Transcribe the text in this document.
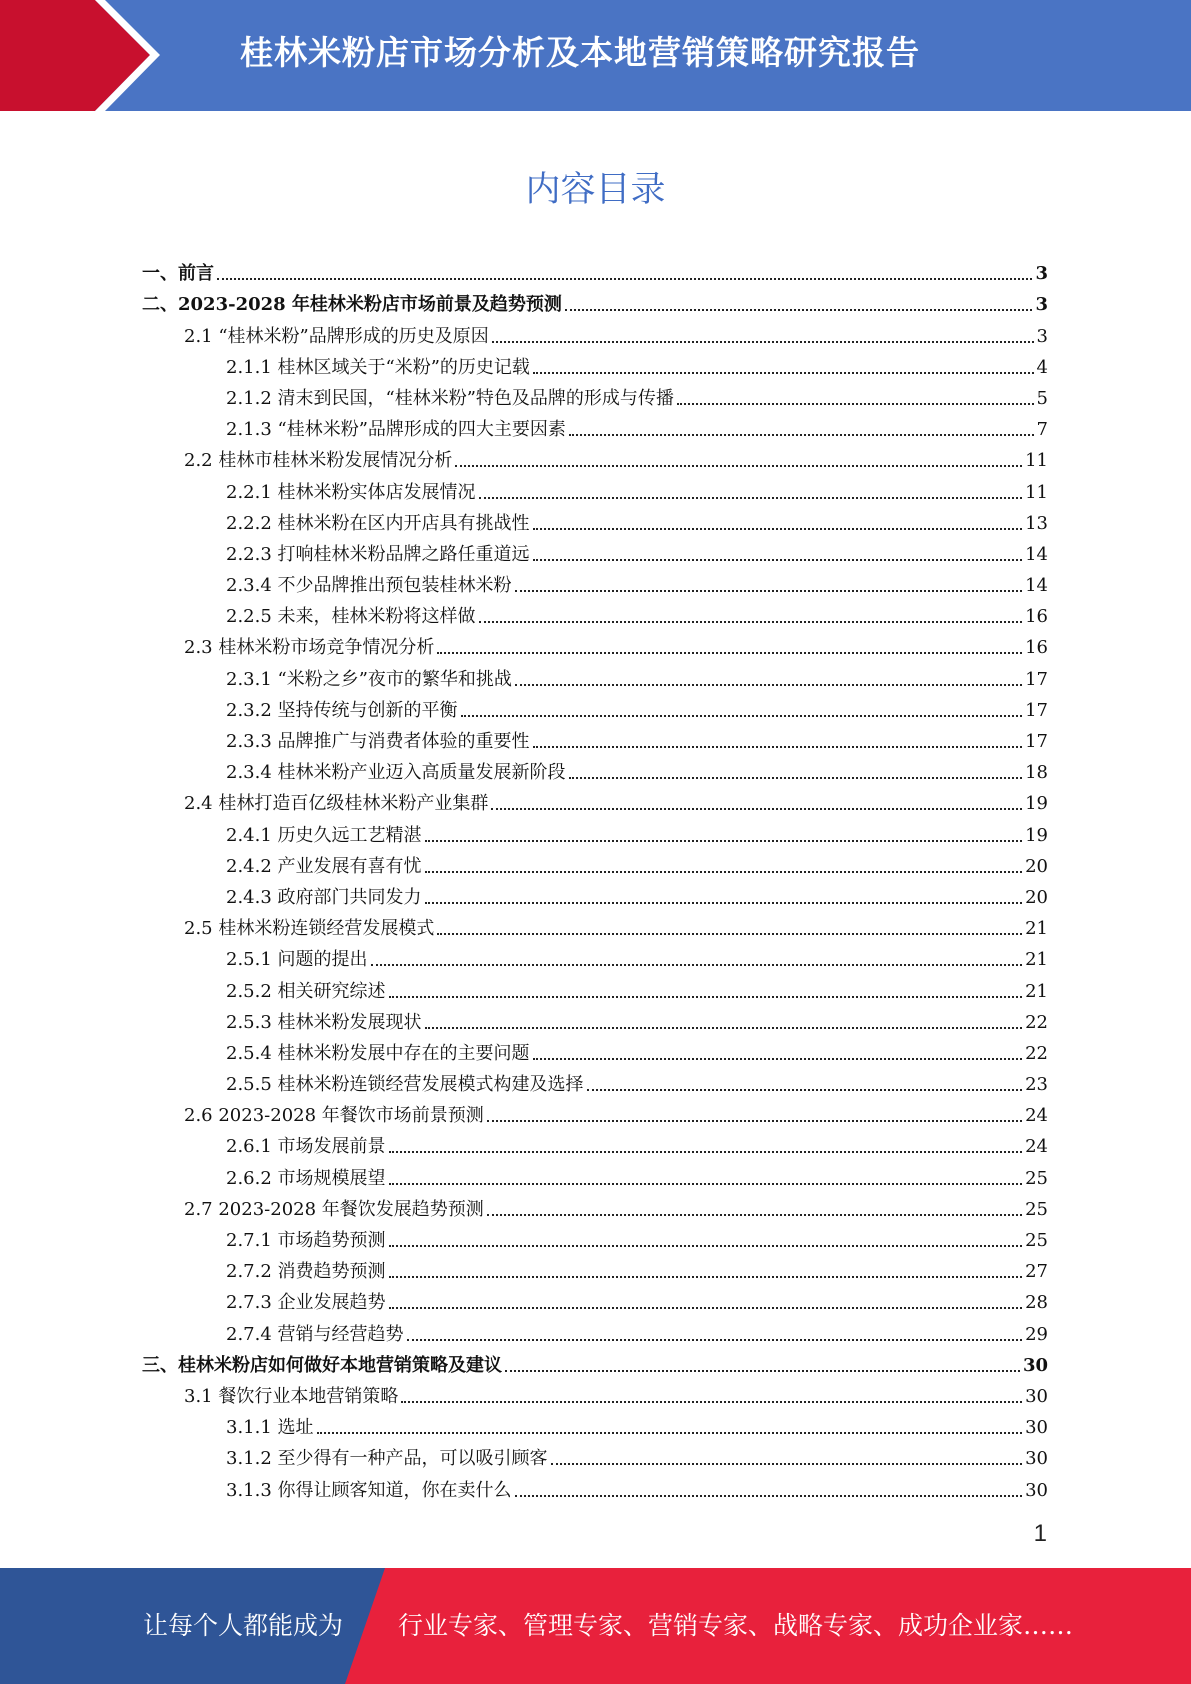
桂林米粉店市场分析及本地营销策略研究报告
内容目录
一、前言	3
二、2023-2028 年桂林米粉店市场前景及趋势预测	3
2.1 “桂林米粉”品牌形成的历史及原因	3
2.1.1 桂林区域关于“米粉”的历史记载	4
2.1.2 清末到民国，“桂林米粉”特色及品牌的形成与传播	5
2.1.3 “桂林米粉”品牌形成的四大主要因素	7
2.2 桂林市桂林米粉发展情况分析	11
2.2.1 桂林米粉实体店发展情况	11
2.2.2 桂林米粉在区内开店具有挑战性	13
2.2.3 打响桂林米粉品牌之路任重道远	14
2.3.4 不少品牌推出预包装桂林米粉	14
2.2.5 未来，桂林米粉将这样做	16
2.3 桂林米粉市场竞争情况分析	16
2.3.1 “米粉之乡”夜市的繁华和挑战	17
2.3.2 坚持传统与创新的平衡	17
2.3.3 品牌推广与消费者体验的重要性	17
2.3.4 桂林米粉产业迈入高质量发展新阶段	18
2.4 桂林打造百亿级桂林米粉产业集群	19
2.4.1 历史久远工艺精湛	19
2.4.2 产业发展有喜有忧	20
2.4.3 政府部门共同发力	20
2.5 桂林米粉连锁经营发展模式	21
2.5.1 问题的提出	21
2.5.2 相关研究综述	21
2.5.3 桂林米粉发展现状	22
2.5.4 桂林米粉发展中存在的主要问题	22
2.5.5 桂林米粉连锁经营发展模式构建及选择	23
2.6 2023-2028 年餐饮市场前景预测	24
2.6.1 市场发展前景	24
2.6.2 市场规模展望	25
2.7 2023-2028 年餐饮发展趋势预测	25
2.7.1 市场趋势预测	25
2.7.2 消费趋势预测	27
2.7.3 企业发展趋势	28
2.7.4 营销与经营趋势	29
三、桂林米粉店如何做好本地营销策略及建议	30
3.1 餐饮行业本地营销策略	30
3.1.1 选址	30
3.1.2 至少得有一种产品，可以吸引顾客	30
3.1.3 你得让顾客知道，你在卖什么	30
1
让每个人都能成为 行业专家、管理专家、营销专家、战略专家、成功企业家……
